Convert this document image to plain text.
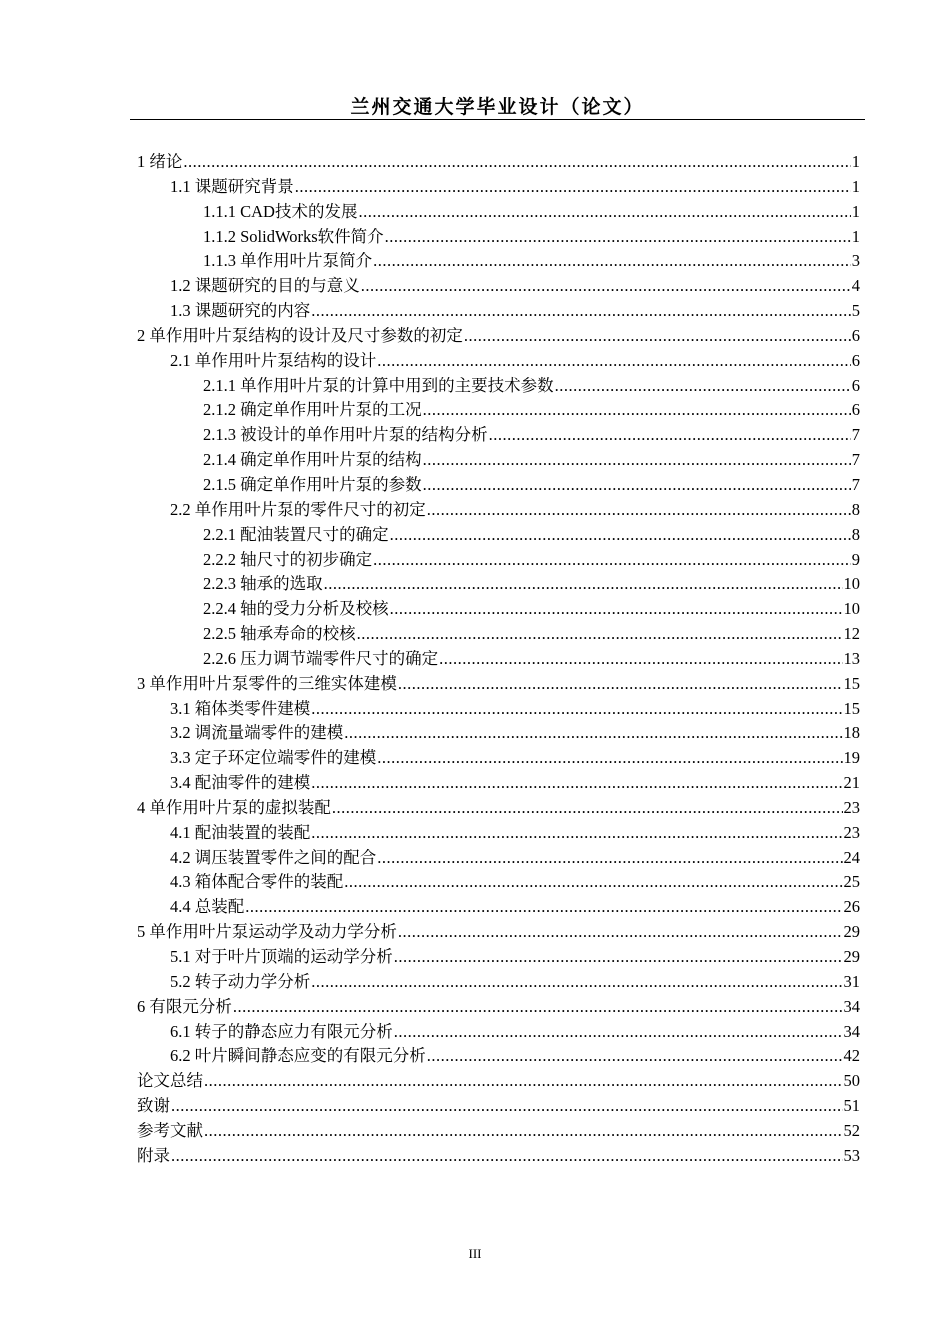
兰州交通大学毕业设计（论文）
1 绪论 .....	1
1.1 课题研究背景 .....	1
1.1.1 CAD技术的发展 .....	1
1.1.2 SolidWorks软件简介 .....	1
1.1.3 单作用叶片泵简介 .....	3
1.2 课题研究的目的与意义 .....	4
1.3 课题研究的内容 .....	5
2 单作用叶片泵结构的设计及尺寸参数的初定 .....	6
2.1 单作用叶片泵结构的设计 .....	6
2.1.1 单作用叶片泵的计算中用到的主要技术参数 .....	6
2.1.2 确定单作用叶片泵的工况 .....	6
2.1.3 被设计的单作用叶片泵的结构分析 .....	7
2.1.4 确定单作用叶片泵的结构 .....	7
2.1.5 确定单作用叶片泵的参数 .....	7
2.2 单作用叶片泵的零件尺寸的初定 .....	8
2.2.1 配油装置尺寸的确定 .....	8
2.2.2 轴尺寸的初步确定 .....	9
2.2.3 轴承的选取 .....	10
2.2.4 轴的受力分析及校核 .....	10
2.2.5 轴承寿命的校核 .....	12
2.2.6 压力调节端零件尺寸的确定 .....	13
3 单作用叶片泵零件的三维实体建模 .....	15
3.1 箱体类零件建模 .....	15
3.2 调流量端零件的建模 .....	18
3.3 定子环定位端零件的建模 .....	19
3.4 配油零件的建模 .....	21
4 单作用叶片泵的虚拟装配 .....	23
4.1 配油装置的装配 .....	23
4.2 调压装置零件之间的配合 .....	24
4.3 箱体配合零件的装配 .....	25
4.4 总装配 .....	26
5 单作用叶片泵运动学及动力学分析 .....	29
5.1 对于叶片顶端的运动学分析 .....	29
5.2 转子动力学分析 .....	31
6 有限元分析 .....	34
6.1 转子的静态应力有限元分析 .....	34
6.2 叶片瞬间静态应变的有限元分析 .....	42
论文总结 .....	50
致谢 .....	51
参考文献 .....	52
附录 .....	53
III
